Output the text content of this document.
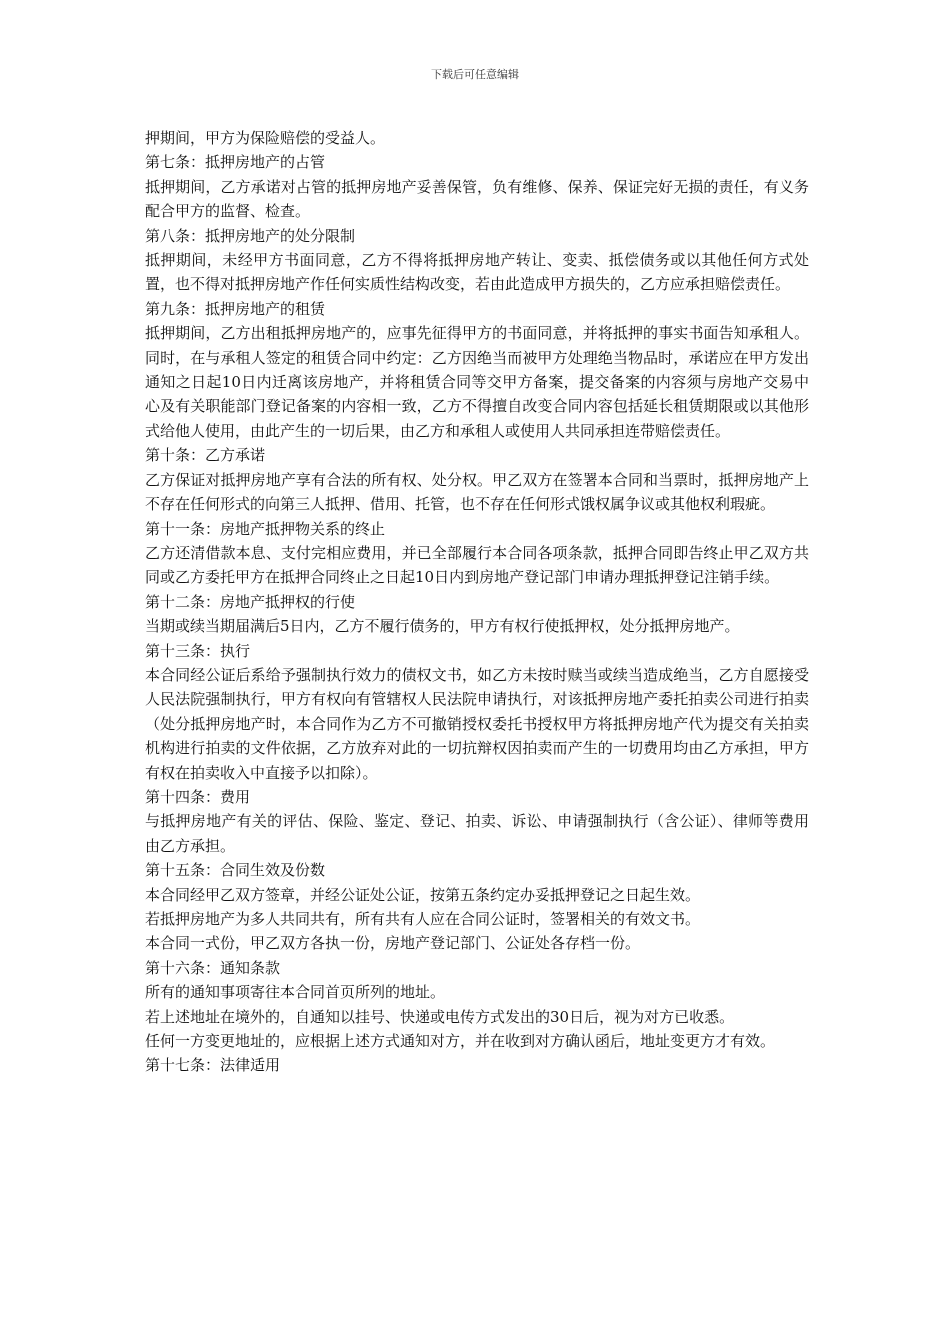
下载后可任意编辑

押期间，甲方为保险赔偿的受益人。

第七条：抵押房地产的占管

抵押期间，乙方承诺对占管的抵押房地产妥善保管，负有维修、保养、保证完好无损的责任，有义务配合甲方的监督、检查。

第八条：抵押房地产的处分限制

抵押期间，未经甲方书面同意，乙方不得将抵押房地产转让、变卖、抵偿债务或以其他任何方式处置，也不得对抵押房地产作任何实质性结构改变，若由此造成甲方损失的，乙方应承担赔偿责任。

第九条：抵押房地产的租赁

抵押期间，乙方出租抵押房地产的，应事先征得甲方的书面同意，并将抵押的事实书面告知承租人。同时，在与承租人签定的租赁合同中约定：乙方因绝当而被甲方处理绝当物品时，承诺应在甲方发出通知之日起10日内迁离该房地产，并将租赁合同等交甲方备案，提交备案的内容须与房地产交易中心及有关职能部门登记备案的内容相一致，乙方不得擅自改变合同内容包括延长租赁期限或以其他形式给他人使用，由此产生的一切后果，由乙方和承租人或使用人共同承担连带赔偿责任。

第十条：乙方承诺

乙方保证对抵押房地产享有合法的所有权、处分权。甲乙双方在签署本合同和当票时，抵押房地产上不存在任何形式的向第三人抵押、借用、托管，也不存在任何形式饿权属争议或其他权利瑕疵。

第十一条：房地产抵押物关系的终止

乙方还清借款本息、支付完相应费用，并已全部履行本合同各项条款，抵押合同即告终止甲乙双方共同或乙方委托甲方在抵押合同终止之日起10日内到房地产登记部门申请办理抵押登记注销手续。

第十二条：房地产抵押权的行使

当期或续当期届满后5日内，乙方不履行债务的，甲方有权行使抵押权，处分抵押房地产。

第十三条：执行

本合同经公证后系给予强制执行效力的债权文书，如乙方未按时赎当或续当造成绝当，乙方自愿接受人民法院强制执行，甲方有权向有管辖权人民法院申请执行，对该抵押房地产委托拍卖公司进行拍卖（处分抵押房地产时，本合同作为乙方不可撤销授权委托书授权甲方将抵押房地产代为提交有关拍卖机构进行拍卖的文件依据，乙方放弃对此的一切抗辩权因拍卖而产生的一切费用均由乙方承担，甲方有权在拍卖收入中直接予以扣除）。

第十四条：费用

与抵押房地产有关的评估、保险、鉴定、登记、拍卖、诉讼、申请强制执行（含公证）、律师等费用由乙方承担。

第十五条：合同生效及份数

本合同经甲乙双方签章，并经公证处公证，按第五条约定办妥抵押登记之日起生效。

若抵押房地产为多人共同共有，所有共有人应在合同公证时，签署相关的有效文书。

本合同一式份，甲乙双方各执一份，房地产登记部门、公证处各存档一份。

第十六条：通知条款

所有的通知事项寄往本合同首页所列的地址。

若上述地址在境外的，自通知以挂号、快递或电传方式发出的30日后，视为对方已收悉。

任何一方变更地址的，应根据上述方式通知对方，并在收到对方确认函后，地址变更方才有效。

第十七条：法律适用
